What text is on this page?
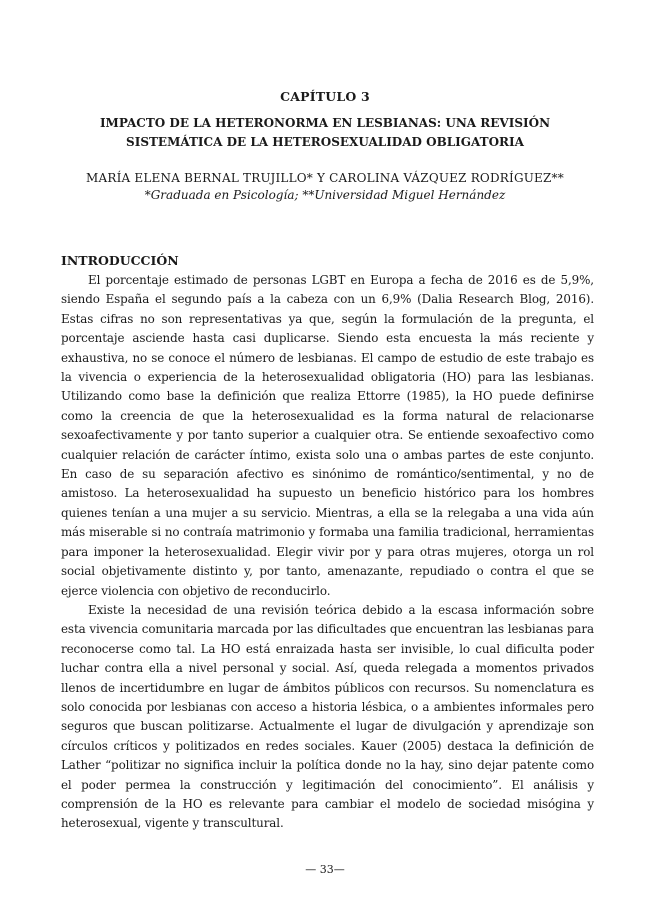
CAPÍTULO 3
IMPACTO DE LA HETERONORMA EN LESBIANAS: UNA REVISIÓN SISTEMÁTICA DE LA HETEROSEXUALIDAD OBLIGATORIA
MARÍA ELENA BERNAL TRUJILLO* Y CAROLINA VÁZQUEZ RODRÍGUEZ**
*Graduada en Psicología; **Universidad Miguel Hernández
INTRODUCCIÓN

El porcentaje estimado de personas LGBT en Europa a fecha de 2016 es de 5,9%, siendo España el segundo país a la cabeza con un 6,9% (Dalia Research Blog, 2016). Estas cifras no son representativas ya que, según la formulación de la pregunta, el porcentaje asciende hasta casi duplicarse. Siendo esta encuesta la más reciente y exhaustiva, no se conoce el número de lesbianas. El campo de estudio de este trabajo es la vivencia o experiencia de la heterosexualidad obligatoria (HO) para las lesbianas. Utilizando como base la definición que realiza Ettorre (1985), la HO puede definirse como la creencia de que la heterosexualidad es la forma natural de relacionarse sexoafectivamente y por tanto superior a cualquier otra. Se entiende sexoafectivo como cualquier relación de carácter íntimo, exista solo una o ambas partes de este conjunto. En caso de su separación afectivo es sinónimo de romántico/sentimental, y no de amistoso. La heterosexualidad ha supuesto un beneficio histórico para los hombres quienes tenían a una mujer a su servicio. Mientras, a ella se la relegaba a una vida aún más miserable si no contraía matrimonio y formaba una familia tradicional, herramientas para imponer la heterosexualidad. Elegir vivir por y para otras mujeres, otorga un rol social objetivamente distinto y, por tanto, amenazante, repudiado o contra el que se ejerce violencia con objetivo de reconducirlo.

Existe la necesidad de una revisión teórica debido a la escasa información sobre esta vivencia comunitaria marcada por las dificultades que encuentran las lesbianas para reconocerse como tal. La HO está enraizada hasta ser invisible, lo cual dificulta poder luchar contra ella a nivel personal y social. Así, queda relegada a momentos privados llenos de incertidumbre en lugar de ámbitos públicos con recursos. Su nomenclatura es solo conocida por lesbianas con acceso a historia lésbica, o a ambientes informales pero seguros que buscan politizarse. Actualmente el lugar de divulgación y aprendizaje son círculos críticos y politizados en redes sociales. Kauer (2005) destaca la definición de Lather “politizar no significa incluir la política donde no la hay, sino dejar patente como el poder permea la construcción y legitimación del conocimiento”. El análisis y comprensión de la HO es relevante para cambiar el modelo de sociedad misógina y heterosexual, vigente y transcultural.

— 33—
